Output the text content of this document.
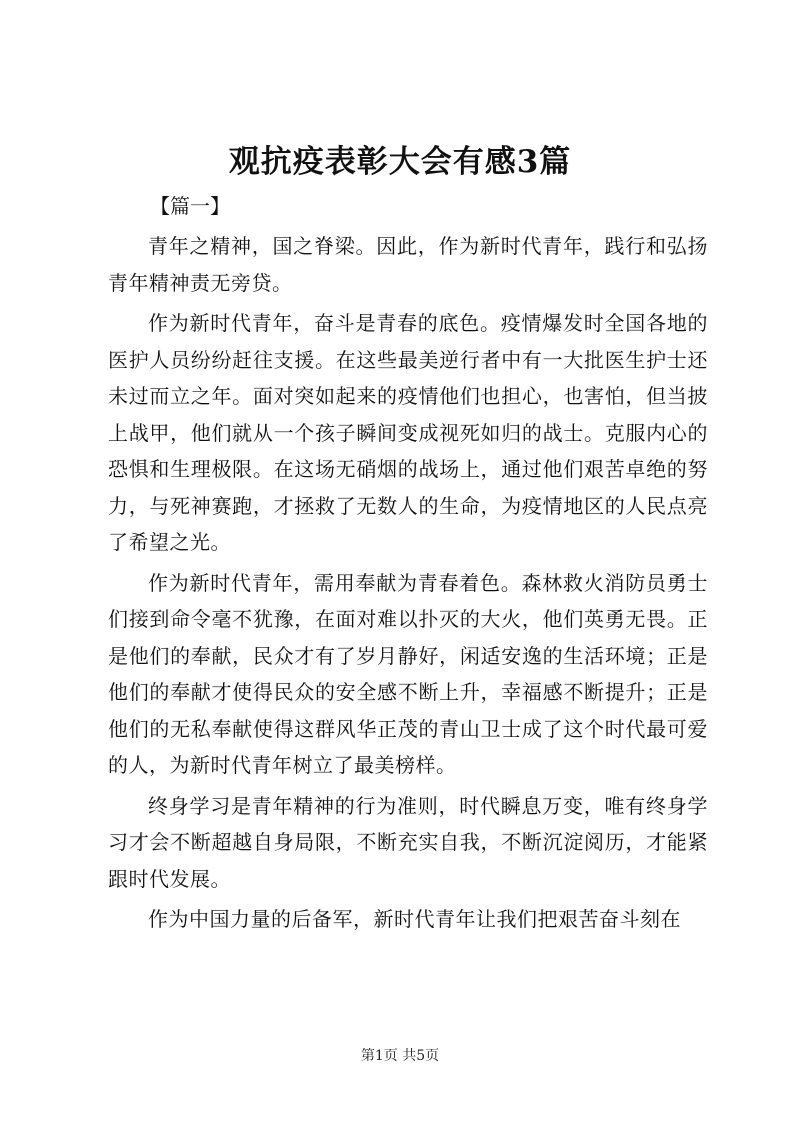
观抗疫表彰大会有感3篇
【篇一】

青年之精神，国之脊梁。因此，作为新时代青年，践行和弘扬青年精神责无旁贷。

作为新时代青年，奋斗是青春的底色。疫情爆发时全国各地的医护人员纷纷赶往支援。在这些最美逆行者中有一大批医生护士还未过而立之年。面对突如起来的疫情他们也担心，也害怕，但当披上战甲，他们就从一个孩子瞬间变成视死如归的战士。克服内心的恐惧和生理极限。在这场无硝烟的战场上，通过他们艰苦卓绝的努力，与死神赛跑，才拯救了无数人的生命，为疫情地区的人民点亮了希望之光。

作为新时代青年，需用奉献为青春着色。森林救火消防员勇士们接到命令毫不犹豫，在面对难以扑灭的大火，他们英勇无畏。正是他们的奉献，民众才有了岁月静好，闲适安逸的生活环境；正是他们的奉献才使得民众的安全感不断上升，幸福感不断提升；正是他们的无私奉献使得这群风华正茂的青山卫士成了这个时代最可爱的人，为新时代青年树立了最美榜样。

终身学习是青年精神的行为准则，时代瞬息万变，唯有终身学习才会不断超越自身局限，不断充实自我，不断沉淀阅历，才能紧跟时代发展。

作为中国力量的后备军，新时代青年让我们把艰苦奋斗刻在

第1页 共5页
